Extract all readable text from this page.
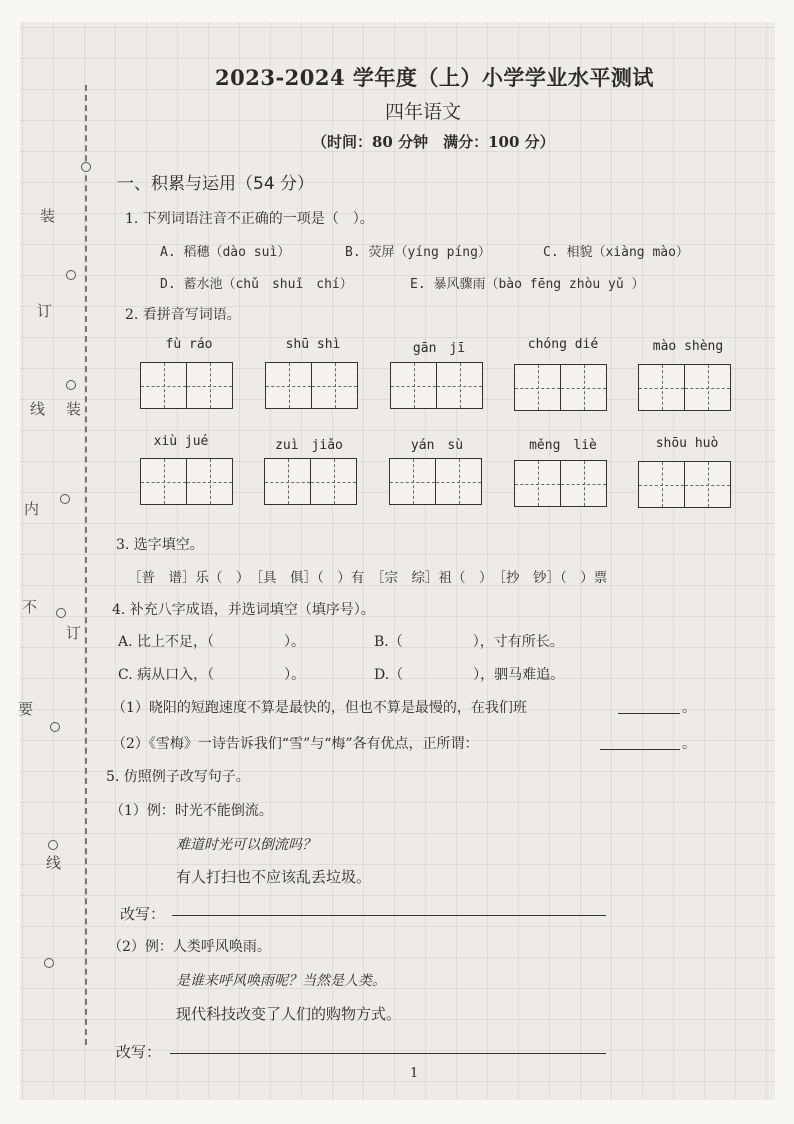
装
订
线 装
内
不
订
要
线
2023-2024 学年度（上）小学学业水平测试
四年语文
（时间：80 分钟　满分：100 分）
一、积累与运用（54 分）
1. 下列词语注音不正确的一项是（　）。
A. 稻穗（dào suì）	B. 荧屏（yíng píng）	C. 相貌（xiàng mào）
D. 蓄水池（chǔ　shuǐ　chí）	E. 暴风骤雨（bào fēng zhòu yǔ ）
2. 看拼音写词语。
fù ráo	shū shì	gān　jī	chóng dié	mào shèng
xiù jué	zuì　jiǎo	yán　sù	měng　liè	shōu huò
3. 选字填空。
［普　谱］乐（　）　［具　俱］（　）有　［宗　综］祖（　）　［抄　钞］（　）票
4. 补充八字成语，并选词填空（填序号）。
A. 比上不足，（　　　　　）。	B.（　　　　　），寸有所长。
C. 病从口入，（　　　　　）。	D.（　　　　　），驷马难追。
（1）晓阳的短跑速度不算是最快的，但也不算是最慢的，在我们班	。
（2）《雪梅》一诗告诉我们“雪”与“梅”各有优点，正所谓：	。
5. 仿照例子改写句子。
（1）例：时光不能倒流。
难道时光可以倒流吗？
有人打扫也不应该乱丢垃圾。
改写：
（2）例：人类呼风唤雨。
是谁来呼风唤雨呢？当然是人类。
现代科技改变了人们的购物方式。
改写：
1
